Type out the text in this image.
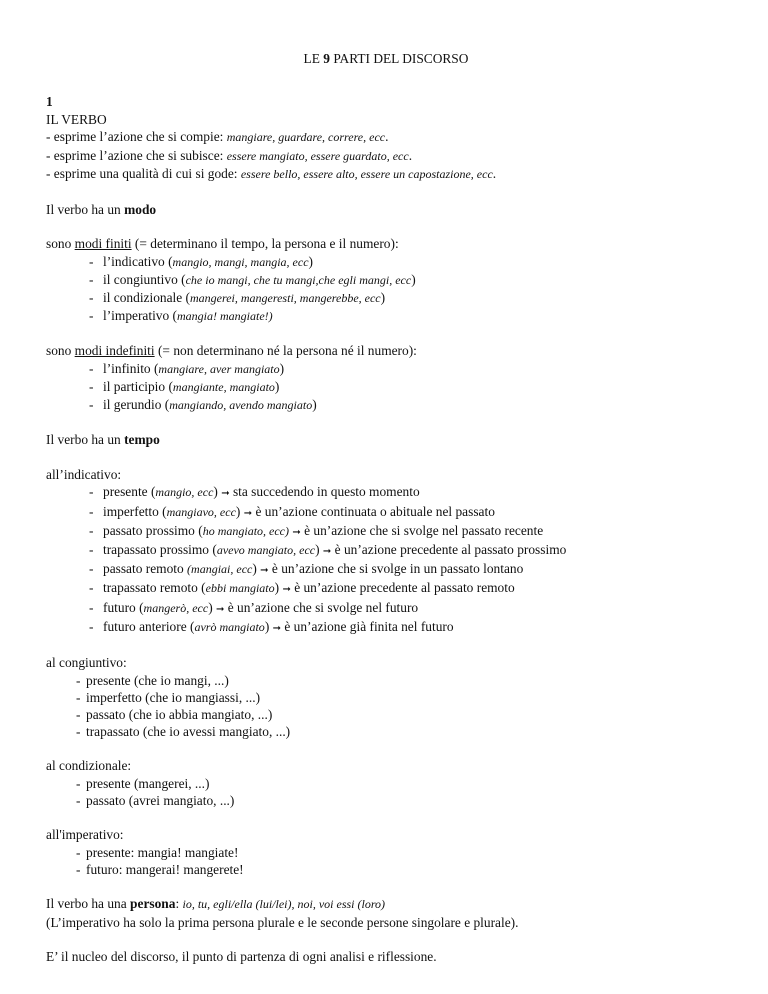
LE 9 PARTI DEL DISCORSO

1

IL VERBO

- esprime l’azione che si compie: mangiare, guardare, correre, ecc.

- esprime l’azione che si subisce: essere mangiato, essere guardato, ecc.

- esprime una qualità di cui si gode: essere bello, essere alto, essere un capostazione, ecc.

Il verbo ha un modo

sono modi finiti (= determinano il tempo, la persona e il numero):

- l’indicativo (mangio, mangi, mangia, ecc)
- il congiuntivo (che io mangi, che tu mangi,che egli mangi, ecc)
- il condizionale (mangerei, mangeresti, mangerebbe, ecc)
- l’imperativo (mangia! mangiate!)

sono modi indefiniti (= non determinano né la persona né il numero):

- l’infinito (mangiare, aver mangiato)
- il participio (mangiante, mangiato)
- il gerundio (mangiando, avendo mangiato)

Il verbo ha un tempo

all’indicativo:

- presente (mangio, ecc) ➞ sta succedendo in questo momento
- imperfetto (mangiavo, ecc) ➞ è un’azione continuata o abituale nel passato
- passato prossimo (ho mangiato, ecc) ➞ è un’azione che si svolge nel passato recente
- trapassato prossimo (avevo mangiato, ecc) ➞ è un’azione precedente al passato prossimo
- passato remoto (mangiai, ecc) ➞ è un’azione che si svolge in un passato lontano
- trapassato remoto (ebbi mangiato) ➞ è un’azione precedente al passato remoto
- futuro (mangerò, ecc) ➞ è un’azione che si svolge nel futuro
- futuro anteriore (avrò mangiato) ➞ è un’azione già finita nel futuro

al congiuntivo:

- presente (che io mangi, ...)
- imperfetto (che io mangiassi, ...)
- passato (che io abbia mangiato, ...)
- trapassato (che io avessi mangiato, ...)

al condizionale:

- presente (mangerei, ...)
- passato (avrei mangiato, ...)

all'imperativo:

- presente: mangia! mangiate!
- futuro: mangerai! mangerete!

Il verbo ha una persona: io, tu, egli/ella (lui/lei), noi, voi essi (loro)

(L’imperativo ha solo la prima persona plurale e le seconde persone singolare e plurale).

E’ il nucleo del discorso, il punto di partenza di ogni analisi e riflessione.
